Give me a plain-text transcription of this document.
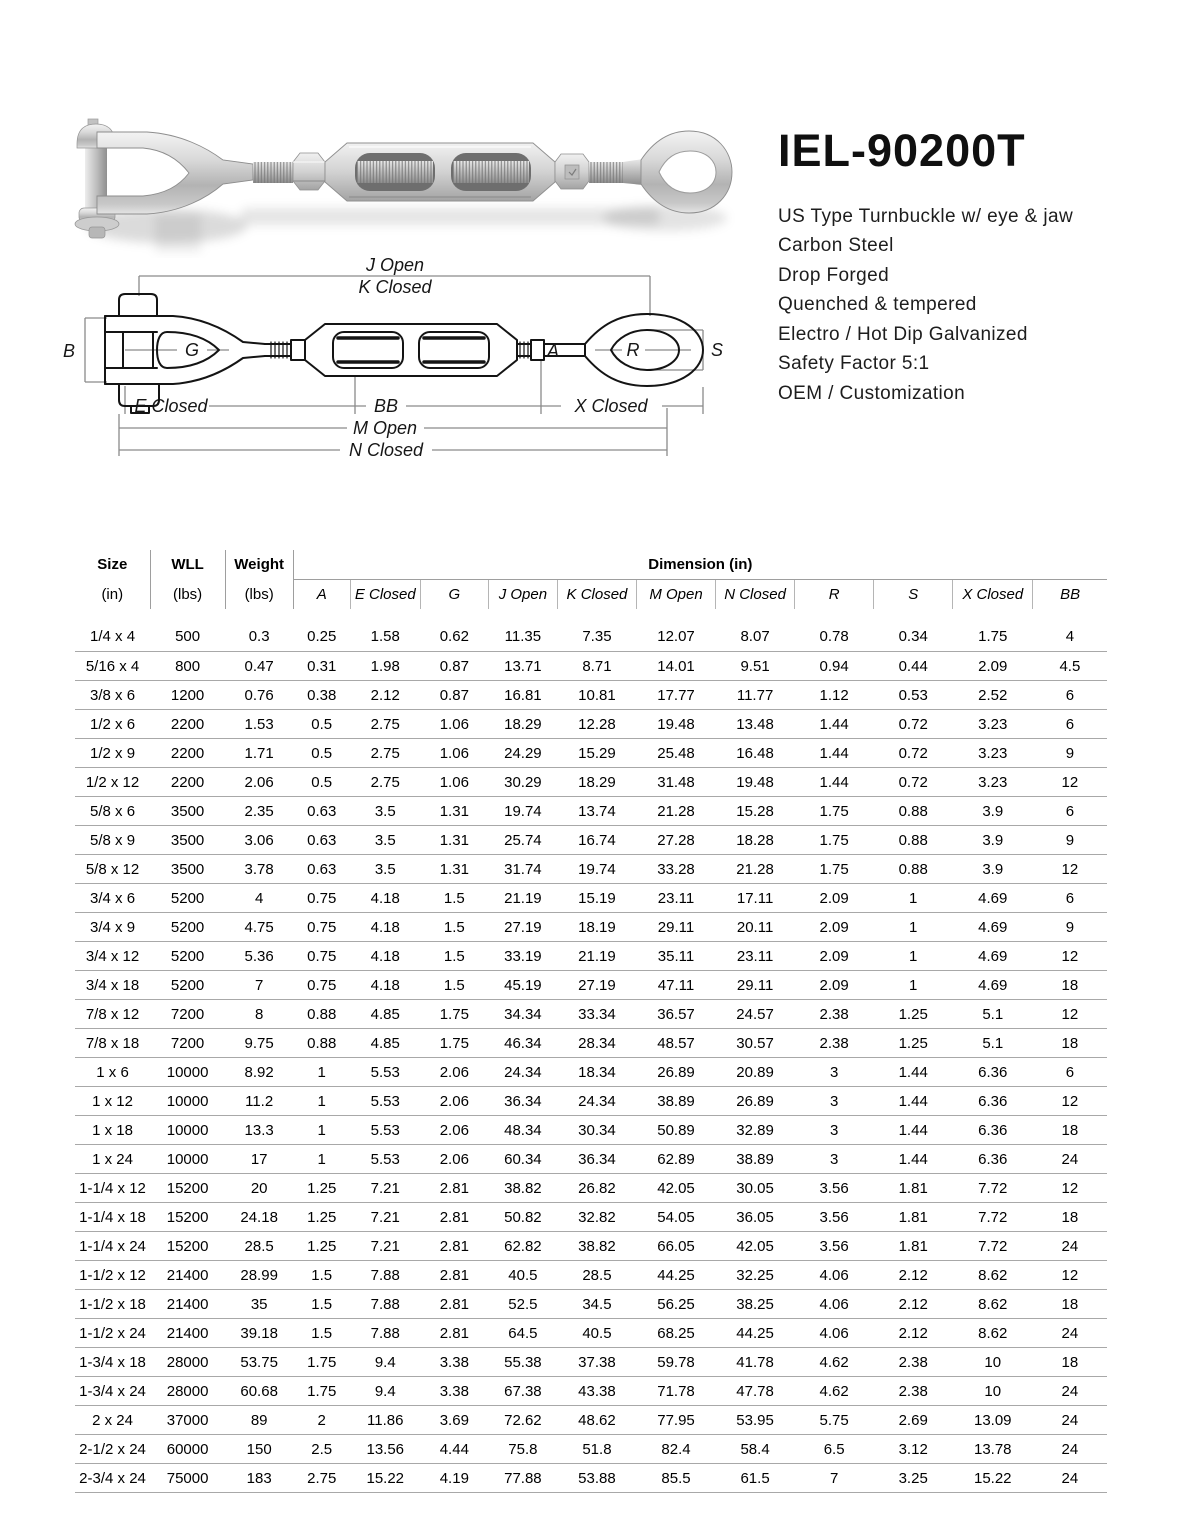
J Open
K Closed
B	G	A	R	S
E Closed	BB	X Closed
M Open
N Closed
IEL-90200T
US Type Turnbuckle w/ eye & jaw
Carbon Steel
Drop Forged
Quenched & tempered
Electro / Hot Dip Galvanized
Safety Factor 5:1
OEM / Customization
Size	WLL	Weight	Dimension (in)										
(in)	(lbs)	(lbs)	A	E Closed	G	J Open	K Closed	M Open	N Closed	R	S	X Closed	BB
1/4 x 4	500	0.3	0.25	1.58	0.62	11.35	7.35	12.07	8.07	0.78	0.34	1.75	4
5/16 x 4	800	0.47	0.31	1.98	0.87	13.71	8.71	14.01	9.51	0.94	0.44	2.09	4.5
3/8 x 6	1200	0.76	0.38	2.12	0.87	16.81	10.81	17.77	11.77	1.12	0.53	2.52	6
1/2 x 6	2200	1.53	0.5	2.75	1.06	18.29	12.28	19.48	13.48	1.44	0.72	3.23	6
1/2 x 9	2200	1.71	0.5	2.75	1.06	24.29	15.29	25.48	16.48	1.44	0.72	3.23	9
1/2 x 12	2200	2.06	0.5	2.75	1.06	30.29	18.29	31.48	19.48	1.44	0.72	3.23	12
5/8 x 6	3500	2.35	0.63	3.5	1.31	19.74	13.74	21.28	15.28	1.75	0.88	3.9	6
5/8 x 9	3500	3.06	0.63	3.5	1.31	25.74	16.74	27.28	18.28	1.75	0.88	3.9	9
5/8 x 12	3500	3.78	0.63	3.5	1.31	31.74	19.74	33.28	21.28	1.75	0.88	3.9	12
3/4 x 6	5200	4	0.75	4.18	1.5	21.19	15.19	23.11	17.11	2.09	1	4.69	6
3/4 x 9	5200	4.75	0.75	4.18	1.5	27.19	18.19	29.11	20.11	2.09	1	4.69	9
3/4 x 12	5200	5.36	0.75	4.18	1.5	33.19	21.19	35.11	23.11	2.09	1	4.69	12
3/4 x 18	5200	7	0.75	4.18	1.5	45.19	27.19	47.11	29.11	2.09	1	4.69	18
7/8 x 12	7200	8	0.88	4.85	1.75	34.34	33.34	36.57	24.57	2.38	1.25	5.1	12
7/8 x 18	7200	9.75	0.88	4.85	1.75	46.34	28.34	48.57	30.57	2.38	1.25	5.1	18
1 x 6	10000	8.92	1	5.53	2.06	24.34	18.34	26.89	20.89	3	1.44	6.36	6
1 x 12	10000	11.2	1	5.53	2.06	36.34	24.34	38.89	26.89	3	1.44	6.36	12
1 x 18	10000	13.3	1	5.53	2.06	48.34	30.34	50.89	32.89	3	1.44	6.36	18
1 x 24	10000	17	1	5.53	2.06	60.34	36.34	62.89	38.89	3	1.44	6.36	24
1-1/4 x 12	15200	20	1.25	7.21	2.81	38.82	26.82	42.05	30.05	3.56	1.81	7.72	12
1-1/4 x 18	15200	24.18	1.25	7.21	2.81	50.82	32.82	54.05	36.05	3.56	1.81	7.72	18
1-1/4 x 24	15200	28.5	1.25	7.21	2.81	62.82	38.82	66.05	42.05	3.56	1.81	7.72	24
1-1/2 x 12	21400	28.99	1.5	7.88	2.81	40.5	28.5	44.25	32.25	4.06	2.12	8.62	12
1-1/2 x 18	21400	35	1.5	7.88	2.81	52.5	34.5	56.25	38.25	4.06	2.12	8.62	18
1-1/2 x 24	21400	39.18	1.5	7.88	2.81	64.5	40.5	68.25	44.25	4.06	2.12	8.62	24
1-3/4 x 18	28000	53.75	1.75	9.4	3.38	55.38	37.38	59.78	41.78	4.62	2.38	10	18
1-3/4 x 24	28000	60.68	1.75	9.4	3.38	67.38	43.38	71.78	47.78	4.62	2.38	10	24
2 x 24	37000	89	2	11.86	3.69	72.62	48.62	77.95	53.95	5.75	2.69	13.09	24
2-1/2 x 24	60000	150	2.5	13.56	4.44	75.8	51.8	82.4	58.4	6.5	3.12	13.78	24
2-3/4 x 24	75000	183	2.75	15.22	4.19	77.88	53.88	85.5	61.5	7	3.25	15.22	24
